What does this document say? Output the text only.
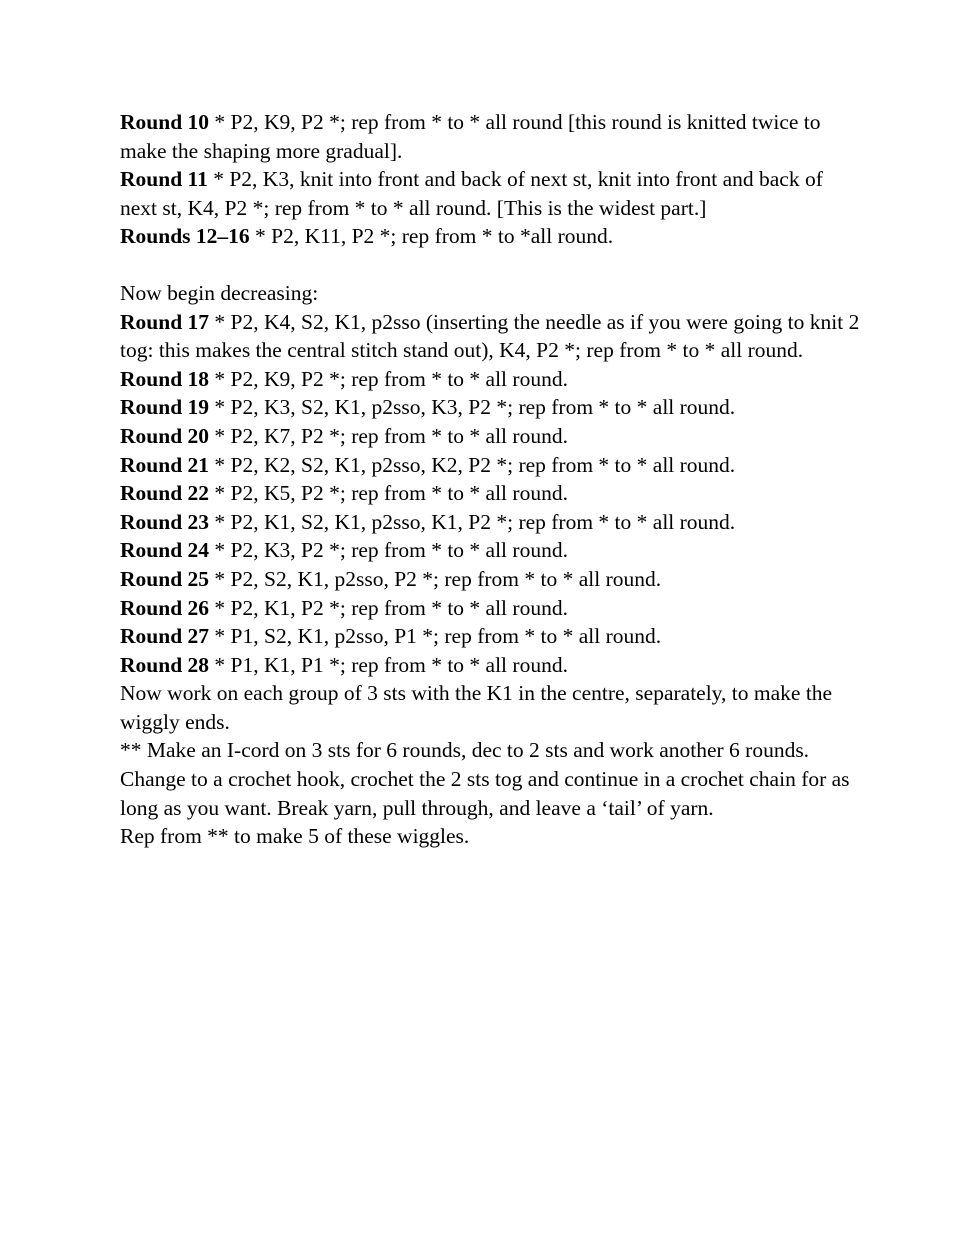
Round 10 * P2, K9, P2 *; rep from * to * all round [this round is knitted twice to make the shaping more gradual].

Round 11 * P2, K3, knit into front and back of next st, knit into front and back of next st, K4, P2 *; rep from * to * all round. [This is the widest part.]

Rounds 12–16 * P2, K11, P2 *; rep from * to *all round.

Now begin decreasing:

Round 17 * P2, K4, S2, K1, p2sso (inserting the needle as if you were going to knit 2 tog: this makes the central stitch stand out), K4, P2 *; rep from * to * all round.

Round 18 * P2, K9, P2 *; rep from * to * all round.

Round 19 * P2, K3, S2, K1, p2sso, K3, P2 *; rep from * to * all round.

Round 20 * P2, K7, P2 *; rep from * to * all round.

Round 21 * P2, K2, S2, K1, p2sso, K2, P2 *; rep from * to * all round.

Round 22 * P2, K5, P2 *; rep from * to * all round.

Round 23 * P2, K1, S2, K1, p2sso, K1, P2 *; rep from * to * all round.

Round 24 * P2, K3, P2 *; rep from * to * all round.

Round 25 * P2, S2, K1, p2sso, P2 *; rep from * to * all round.

Round 26 * P2, K1, P2 *; rep from * to * all round.

Round 27 * P1, S2, K1, p2sso, P1 *; rep from * to * all round.

Round 28 * P1, K1, P1 *; rep from * to * all round.

Now work on each group of 3 sts with the K1 in the centre, separately, to make the wiggly ends.

** Make an I-cord on 3 sts for 6 rounds, dec to 2 sts and work another 6 rounds.

Change to a crochet hook, crochet the 2 sts tog and continue in a crochet chain for as long as you want. Break yarn, pull through, and leave a ‘tail’ of yarn.

Rep from ** to make 5 of these wiggles.
